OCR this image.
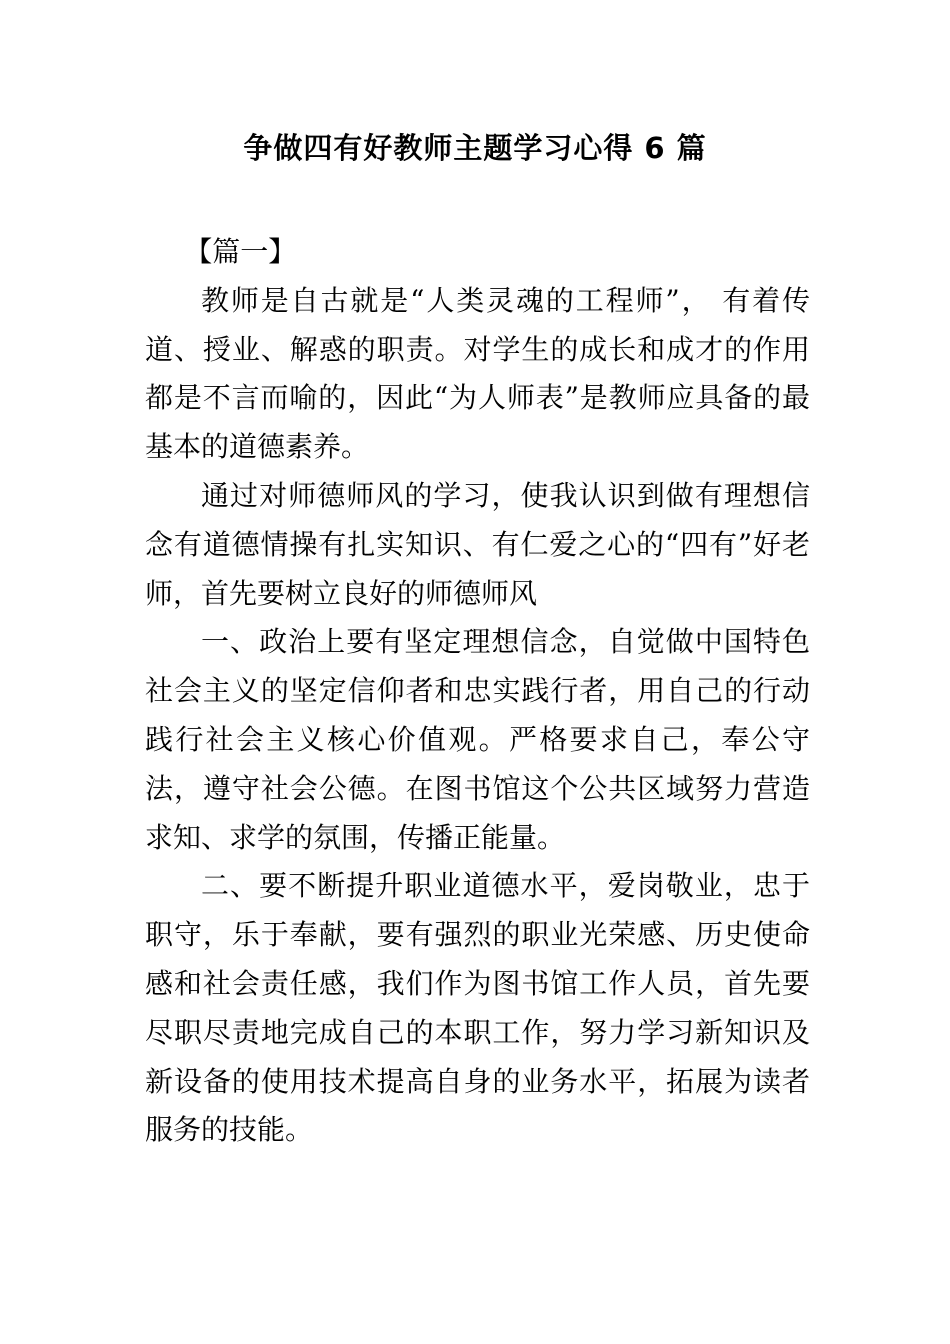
争做四有好教师主题学习心得 6 篇

【篇一】

教师是自古就是“人类灵魂的工程师”， 有着传道、授业、解惑的职责。对学生的成长和成才的作用都是不言而喻的，因此“为人师表”是教师应具备的最基本的道德素养。

通过对师德师风的学习，使我认识到做有理想信念有道德情操有扎实知识、有仁爱之心的“四有”好老师，首先要树立良好的师德师风

一、政治上要有坚定理想信念，自觉做中国特色社会主义的坚定信仰者和忠实践行者，用自己的行动践行社会主义核心价值观。严格要求自己，奉公守法，遵守社会公德。在图书馆这个公共区域努力营造求知、求学的氛围，传播正能量。

二、要不断提升职业道德水平，爱岗敬业，忠于职守，乐于奉献，要有强烈的职业光荣感、历史使命感和社会责任感，我们作为图书馆工作人员，首先要尽职尽责地完成自己的本职工作，努力学习新知识及新设备的使用技术提高自身的业务水平，拓展为读者服务的技能。
